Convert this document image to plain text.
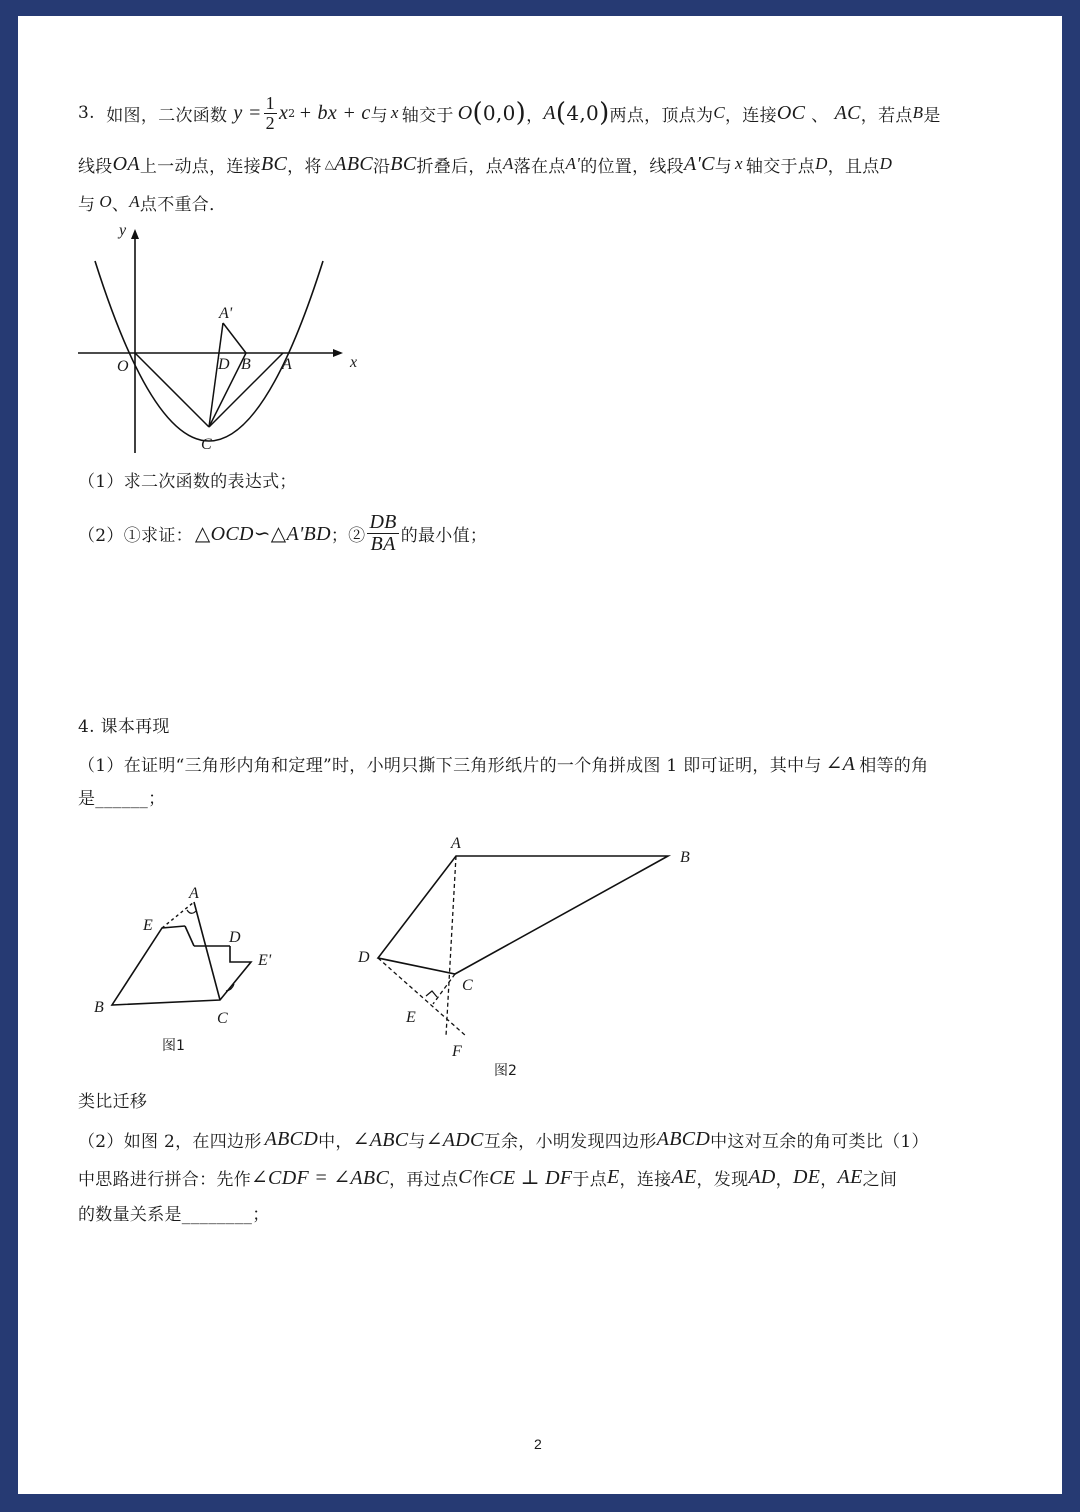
3.
如图，二次函数 $y = \frac{1}{2}$ x 2 + bx + c 与 x 轴交于 O ( 0,0 ) ， A ( 4,0 ) 两点，顶点为 C ，连接 OC 、 AC ，若点 B 是
线段 OA 上一动点，连接 BC ，将 △ ABC 沿 BC 折叠后，点 A 落在点 A' 的位置，线段 A'C 与 x 轴交于点 D ，且点 D
与 O 、 A 点不重合．
y
x
O
A'
D B A
C
（1）求二次函数的表达式；
（2）①求证： △OCD∽△A'BD ；② $\frac{DB}{BA}$ 的最小值；
4. 课本再现
（1）在证明“三角形内角和定理”时，小明只撕下三角形纸片的一个角拼成图 1 即可证明，其中与 ∠A 相等的角
是______；
A
E
D
E'
B
C
图1
A
B
D
C
E
F
图2
类比迁移
（2）如图 2，在四边形 ABCD 中， ∠ABC 与 ∠ADC 互余，小明发现四边形 ABCD 中这对互余的角可类比（1）
中思路进行拼合：先作 ∠CDF = ∠ABC ，再过点 C 作 CE ⊥ DF 于点 E ，连接 AE ，发现 AD ， DE ， AE 之间
的数量关系是________；
2
